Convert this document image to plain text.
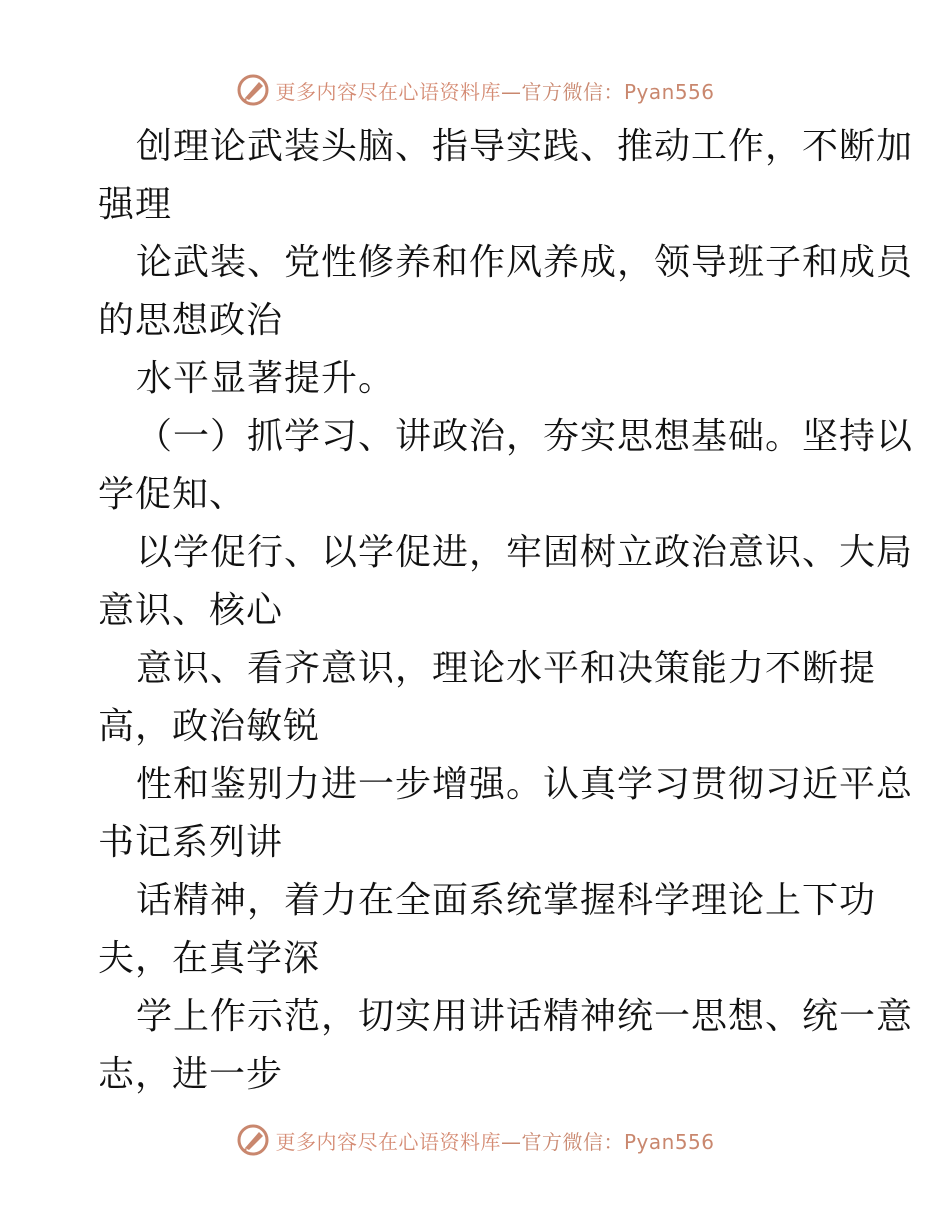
更多内容尽在心语资料库—官方微信：Pyan556
创理论武装头脑、指导实践、推动工作，不断加
强理
论武装、党性修养和作风养成，领导班子和成员
的思想政治
水平显著提升。
（一）抓学习、讲政治，夯实思想基础。坚持以
学促知、
以学促行、以学促进，牢固树立政治意识、大局
意识、核心
意识、看齐意识，理论水平和决策能力不断提
高，政治敏锐
性和鉴别力进一步增强。认真学习贯彻习近平总
书记系列讲
话精神，着力在全面系统掌握科学理论上下功
夫，在真学深
学上作示范，切实用讲话精神统一思想、统一意
志，进一步
更多内容尽在心语资料库—官方微信：Pyan556
